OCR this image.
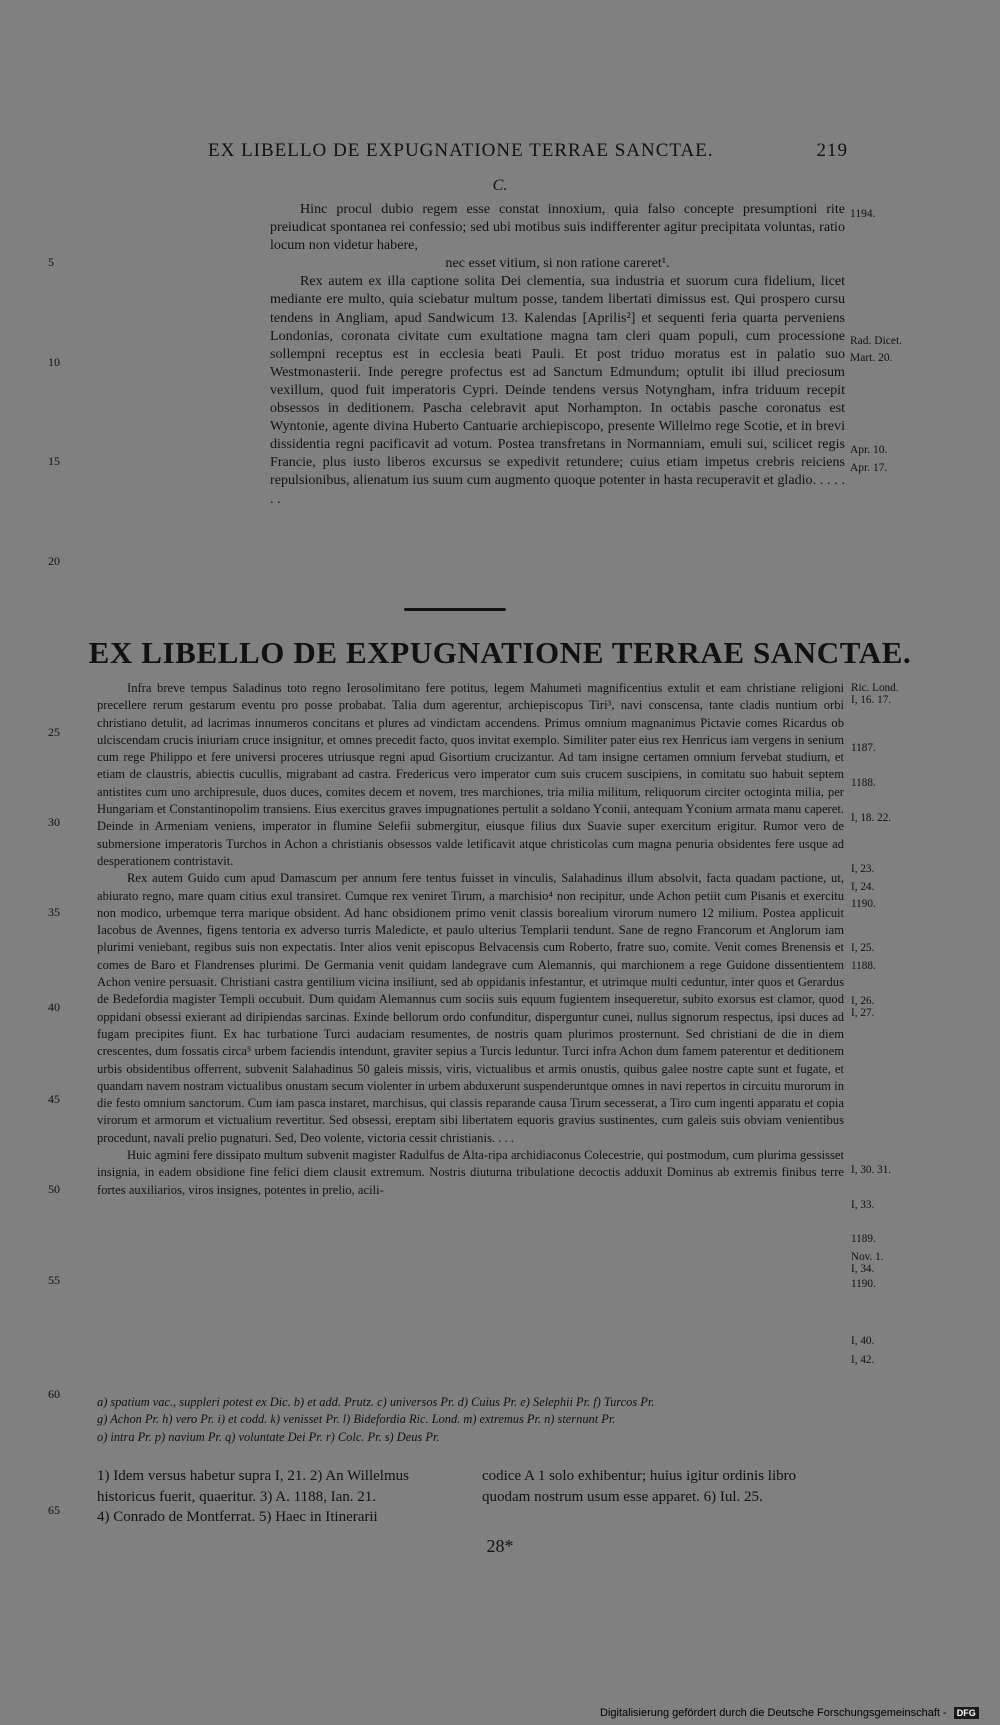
EX LIBELLO DE EXPUGNATIONE TERRAE SANCTAE.	219
C.

Hinc procul dubio regem esse constat innoxium, quia falso concepte presumptioni rite preiudicat spontanea rei confessio; sed ubi motibus suis indifferenter agitur precipitata voluntas, ratio locum non videtur habere,

nec esset vitium, si non ratione careret¹.

Rex autem ex illa captione solita Dei clementia, sua industria et suorum cura fidelium, licet mediante ere multo, quia sciebatur multum posse, tandem libertati dimissus est. Qui prospero cursu tendens in Angliam, apud Sandwicum 13. Kalendas [Aprilis²] et sequenti feria quarta perveniens Londonias, coronata civitate cum exultatione magna tam cleri quam populi, cum processione sollempni receptus est in ecclesia beati Pauli. Et post triduo moratus est in palatio suo Westmonasterii. Inde peregre profectus est ad Sanctum Edmundum; optulit ibi illud preciosum vexillum, quod fuit imperatoris Cypri. Deinde tendens versus Notyngham, infra triduum recepit obsessos in deditionem. Pascha celebravit aput Norhampton. In octabis pasche coronatus est Wyntonie, agente divina Huberto Cantuarie archiepiscopo, presente Willelmo rege Scotie, et in brevi dissidentia regni pacificavit ad votum. Postea transfretans in Normanniam, emuli sui, scilicet regis Francie, plus iusto liberos excursus se expedivit retundere; cuius etiam impetus crebris reiciens repulsionibus, alienatum ius suum cum augmento quoque potenter in hasta recuperavit et gladio. . . . . . .

1194.
Rad. Dicet.
Mart. 20.
Apr. 10.
Apr. 17.
5
10
15
20
EX LIBELLO DE EXPUGNATIONE TERRAE SANCTAE.

Infra breve tempus Saladinus toto regno Ierosolimitano fere potitus, legem Mahumeti magnificentius extulit et eam christiane religioni precellere rerum gestarum eventu pro posse probabat. Talia dum agerentur, archiepiscopus Tiri³, navi conscensa, tante cladis nuntium orbi christiano detulit, ad lacrimas innumeros concitans et plures ad vindictam accendens. Primus omnium magnanimus Pictavie comes Ricardus ob ulciscendam crucis iniuriam cruce insignitur, et omnes precedit facto, quos invitat exemplo. Similiter pater eius rex Henricus iam vergens in senium cum rege Philippo et fere universi proceres utriusque regni apud Gisortium crucizantur. Ad tam insigne certamen omnium fervebat studium, et etiam de claustris, abiectis cucullis, migrabant ad castra. Fredericus vero imperator cum suis crucem suscipiens, in comitatu suo habuit septem antistites cum uno archipresule, duos duces, comites decem et novem, tres marchiones, tria milia militum, reliquorum circiter octoginta milia, per Hungariam et Constantinopolim transiens. Eius exercitus graves impugnationes pertulit a soldano Yconii, antequam Yconium armata manu caperet. Deinde in Armeniam veniens, imperator in flumine Selefii submergitur, eiusque filius dux Suavie super exercitum erigitur. Rumor vero de submersione imperatoris Turchos in Achon a christianis obsessos valde letificavit atque christicolas cum magna penuria obsidentes fere usque ad desperationem contristavit.

Rex autem Guido cum apud Damascum per annum fere tentus fuisset in vinculis, Salahadinus illum absolvit, facta quadam pactione, ut, abiurato regno, mare quam citius exul transiret. Cumque rex veniret Tirum, a marchisio⁴ non recipitur, unde Achon petiit cum Pisanis et exercitu non modico, urbemque terra marique obsident. Ad hanc obsidionem primo venit classis borealium virorum numero 12 milium. Postea applicuit Iacobus de Avennes, figens tentoria ex adverso turris Maledicte, et paulo ulterius Templarii tendunt. Sane de regno Francorum et Anglorum iam plurimi veniebant, regibus suis non expectatis. Inter alios venit episcopus Belvacensis cum Roberto, fratre suo, comite. Venit comes Brenensis et comes de Baro et Flandrenses plurimi. De Germania venit quidam landegrave cum Alemannis, qui marchionem a rege Guidone dissentientem Achon venire persuasit. Christiani castra gentilium vicina insiliunt, sed ab oppidanis infestantur, et utrimque multi ceduntur, inter quos et Gerardus de Bedefordia magister Templi occubuit. Dum quidam Alemannus cum sociis suis equum fugientem insequeretur, subito exorsus est clamor, quod oppidani obsessi exierant ad diripiendas sarcinas. Exinde bellorum ordo confunditur, disperguntur cunei, nullus signorum respectus, ipsi duces ad fugam precipites fiunt. Ex hac turbatione Turci audaciam resumentes, de nostris quam plurimos prosternunt. Sed christiani de die in diem crescentes, dum fossatis circa⁵ urbem faciendis intendunt, graviter sepius a Turcis leduntur. Turci infra Achon dum famem paterentur et deditionem urbis obsidentibus offerrent, subvenit Salahadinus 50 galeis missis, viris, victualibus et armis onustis, quibus galee nostre capte sunt et fugate, et quandam navem nostram victualibus onustam secum violenter in urbem abduxerunt suspenderuntque omnes in navi repertos in circuitu murorum in die festo omnium sanctorum. Cum iam pasca instaret, marchisus, qui classis reparande causa Tirum secesserat, a Tiro cum ingenti apparatu et copia virorum et armorum et victualium revertitur. Sed obsessi, ereptam sibi libertatem equoris gravius sustinentes, cum galeis suis obviam venientibus procedunt, navali prelio pugnaturi. Sed, Deo volente, victoria cessit christianis. . . .

Huic agmini fere dissipato multum subvenit magister Radulfus de Alta-ripa archidiaconus Colecestrie, qui postmodum, cum plurima gessisset insignia, in eadem obsidione fine felici diem clausit extremum. Nostris diuturna tribulatione decoctis adduxit Dominus ab extremis finibus terre fortes auxiliarios, viros insignes, potentes in prelio, acili-

Ric. Lond.
I, 16. 17.
1187.
1188.
I, 18. 22.
I, 23.
I, 24.
1190.
I, 25.
1188.
I, 26.
I, 27.
I, 30. 31.
I, 33.
1189.
Nov. 1.
I, 34.
1190.
I, 40.
I, 42.
25
30
35
40
45
50
55
60
65

a) spatium vac., suppleri potest ex Dic. b) et add. Prutz. c) universos Pr. d) Cuius Pr. e) Selephii Pr. f) Turcos Pr.

g) Achon Pr. h) vero Pr. i) et codd. k) venisset Pr. l) Bidefordia Ric. Lond. m) extremus Pr. n) sternunt Pr.

o) intra Pr. p) navium Pr. q) voluntate Dei Pr. r) Colc. Pr. s) Deus Pr.

1) Idem versus habetur supra I, 21. 2) An Willelmus historicus fuerit, quaeritur. 3) A. 1188, Ian. 21.

4) Conrado de Montferrat. 5) Haec in Itinerarii

codice A 1 solo exhibentur; huius igitur ordinis libro quodam nostrum usum esse apparet. 6) Iul. 25.

28*
Digitalisierung gefördert durch die Deutsche Forschungsgemeinschaft - DFG
